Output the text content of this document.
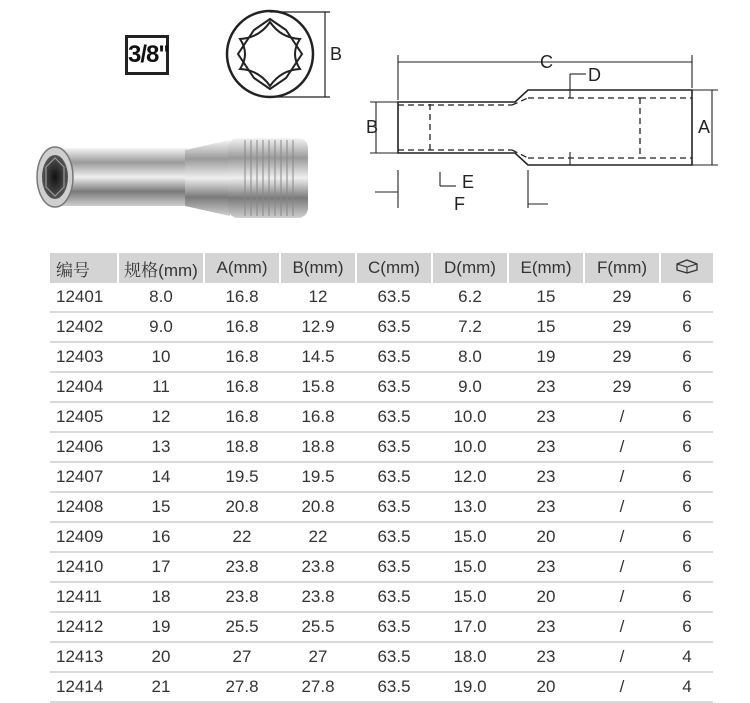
3/8"	B	C
D
B	A
E
F
编号	规格(mm)	A(mm)	B(mm)	C(mm)	D(mm)	E(mm)	F(mm)	
12401	8.0	16.8	12	63.5	6.2	15	29	6
12402	9.0	16.8	12.9	63.5	7.2	15	29	6
12403	10	16.8	14.5	63.5	8.0	19	29	6
12404	11	16.8	15.8	63.5	9.0	23	29	6
12405	12	16.8	16.8	63.5	10.0	23	/	6
12406	13	18.8	18.8	63.5	10.0	23	/	6
12407	14	19.5	19.5	63.5	12.0	23	/	6
12408	15	20.8	20.8	63.5	13.0	23	/	6
12409	16	22	22	63.5	15.0	20	/	6
12410	17	23.8	23.8	63.5	15.0	23	/	6
12411	18	23.8	23.8	63.5	15.0	20	/	6
12412	19	25.5	25.5	63.5	17.0	23	/	6
12413	20	27	27	63.5	18.0	23	/	4
12414	21	27.8	27.8	63.5	19.0	20	/	4
